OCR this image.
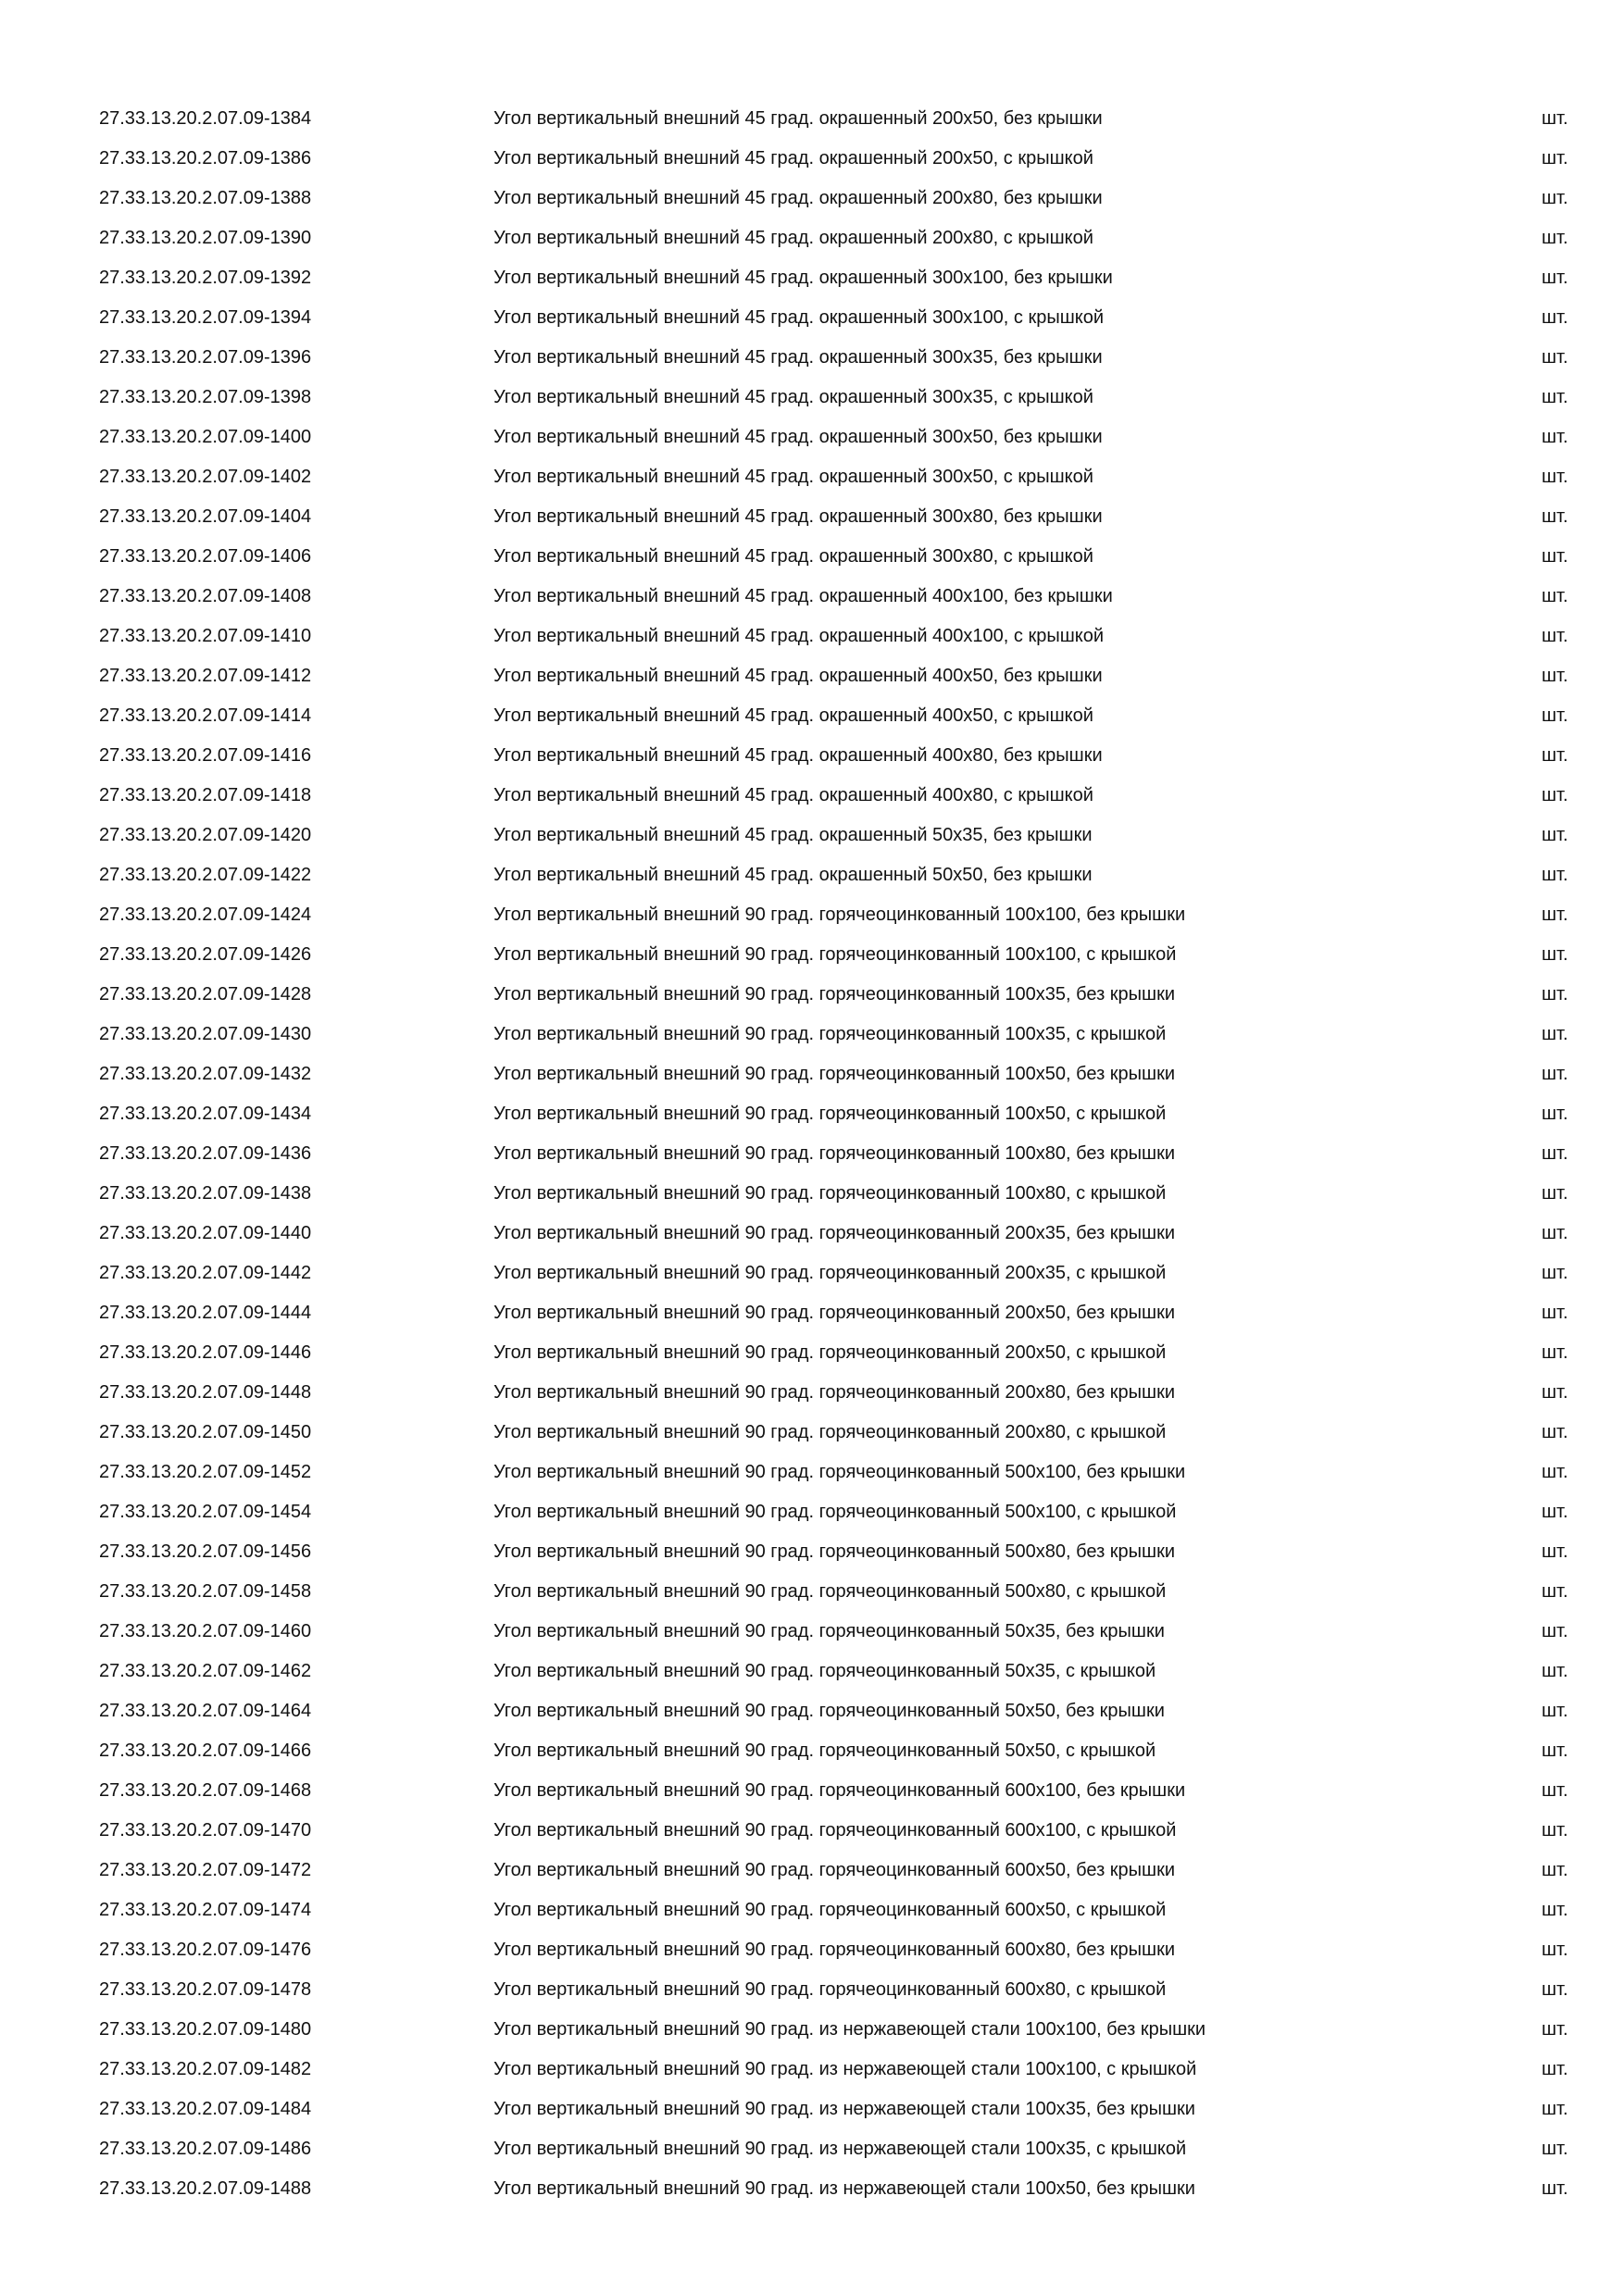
27.33.13.20.2.07.09-1384	Угол вертикальный внешний 45 град. окрашенный 200х50, без крышки	шт.
27.33.13.20.2.07.09-1386	Угол вертикальный внешний 45 град. окрашенный 200х50, с крышкой	шт.
27.33.13.20.2.07.09-1388	Угол вертикальный внешний 45 град. окрашенный 200х80, без крышки	шт.
27.33.13.20.2.07.09-1390	Угол вертикальный внешний 45 град. окрашенный 200х80, с крышкой	шт.
27.33.13.20.2.07.09-1392	Угол вертикальный внешний 45 град. окрашенный 300х100, без крышки	шт.
27.33.13.20.2.07.09-1394	Угол вертикальный внешний 45 град. окрашенный 300х100, с крышкой	шт.
27.33.13.20.2.07.09-1396	Угол вертикальный внешний 45 град. окрашенный 300х35, без крышки	шт.
27.33.13.20.2.07.09-1398	Угол вертикальный внешний 45 град. окрашенный 300х35, с крышкой	шт.
27.33.13.20.2.07.09-1400	Угол вертикальный внешний 45 град. окрашенный 300х50, без крышки	шт.
27.33.13.20.2.07.09-1402	Угол вертикальный внешний 45 град. окрашенный 300х50, с крышкой	шт.
27.33.13.20.2.07.09-1404	Угол вертикальный внешний 45 град. окрашенный 300х80, без крышки	шт.
27.33.13.20.2.07.09-1406	Угол вертикальный внешний 45 град. окрашенный 300х80, с крышкой	шт.
27.33.13.20.2.07.09-1408	Угол вертикальный внешний 45 град. окрашенный 400х100, без крышки	шт.
27.33.13.20.2.07.09-1410	Угол вертикальный внешний 45 град. окрашенный 400х100, с крышкой	шт.
27.33.13.20.2.07.09-1412	Угол вертикальный внешний 45 град. окрашенный 400х50, без крышки	шт.
27.33.13.20.2.07.09-1414	Угол вертикальный внешний 45 град. окрашенный 400х50, с крышкой	шт.
27.33.13.20.2.07.09-1416	Угол вертикальный внешний 45 град. окрашенный 400х80, без крышки	шт.
27.33.13.20.2.07.09-1418	Угол вертикальный внешний 45 град. окрашенный 400х80, с крышкой	шт.
27.33.13.20.2.07.09-1420	Угол вертикальный внешний 45 град. окрашенный 50х35, без крышки	шт.
27.33.13.20.2.07.09-1422	Угол вертикальный внешний 45 град. окрашенный 50х50, без крышки	шт.
27.33.13.20.2.07.09-1424	Угол вертикальный внешний 90 град. горячеоцинкованный 100х100, без крышки	шт.
27.33.13.20.2.07.09-1426	Угол вертикальный внешний 90 град. горячеоцинкованный 100х100, с крышкой	шт.
27.33.13.20.2.07.09-1428	Угол вертикальный внешний 90 град. горячеоцинкованный 100х35, без крышки	шт.
27.33.13.20.2.07.09-1430	Угол вертикальный внешний 90 град. горячеоцинкованный 100х35, с крышкой	шт.
27.33.13.20.2.07.09-1432	Угол вертикальный внешний 90 град. горячеоцинкованный 100х50, без крышки	шт.
27.33.13.20.2.07.09-1434	Угол вертикальный внешний 90 град. горячеоцинкованный 100х50, с крышкой	шт.
27.33.13.20.2.07.09-1436	Угол вертикальный внешний 90 град. горячеоцинкованный 100х80, без крышки	шт.
27.33.13.20.2.07.09-1438	Угол вертикальный внешний 90 град. горячеоцинкованный 100х80, с крышкой	шт.
27.33.13.20.2.07.09-1440	Угол вертикальный внешний 90 град. горячеоцинкованный 200х35, без крышки	шт.
27.33.13.20.2.07.09-1442	Угол вертикальный внешний 90 град. горячеоцинкованный 200х35, с крышкой	шт.
27.33.13.20.2.07.09-1444	Угол вертикальный внешний 90 град. горячеоцинкованный 200х50, без крышки	шт.
27.33.13.20.2.07.09-1446	Угол вертикальный внешний 90 град. горячеоцинкованный 200х50, с крышкой	шт.
27.33.13.20.2.07.09-1448	Угол вертикальный внешний 90 град. горячеоцинкованный 200х80, без крышки	шт.
27.33.13.20.2.07.09-1450	Угол вертикальный внешний 90 град. горячеоцинкованный 200х80, с крышкой	шт.
27.33.13.20.2.07.09-1452	Угол вертикальный внешний 90 град. горячеоцинкованный 500х100, без крышки	шт.
27.33.13.20.2.07.09-1454	Угол вертикальный внешний 90 град. горячеоцинкованный 500х100, с крышкой	шт.
27.33.13.20.2.07.09-1456	Угол вертикальный внешний 90 град. горячеоцинкованный 500х80, без крышки	шт.
27.33.13.20.2.07.09-1458	Угол вертикальный внешний 90 град. горячеоцинкованный 500х80, с крышкой	шт.
27.33.13.20.2.07.09-1460	Угол вертикальный внешний 90 град. горячеоцинкованный 50х35, без крышки	шт.
27.33.13.20.2.07.09-1462	Угол вертикальный внешний 90 град. горячеоцинкованный 50х35, с крышкой	шт.
27.33.13.20.2.07.09-1464	Угол вертикальный внешний 90 град. горячеоцинкованный 50х50, без крышки	шт.
27.33.13.20.2.07.09-1466	Угол вертикальный внешний 90 град. горячеоцинкованный 50х50, с крышкой	шт.
27.33.13.20.2.07.09-1468	Угол вертикальный внешний 90 град. горячеоцинкованный 600х100, без крышки	шт.
27.33.13.20.2.07.09-1470	Угол вертикальный внешний 90 град. горячеоцинкованный 600х100, с крышкой	шт.
27.33.13.20.2.07.09-1472	Угол вертикальный внешний 90 град. горячеоцинкованный 600х50, без крышки	шт.
27.33.13.20.2.07.09-1474	Угол вертикальный внешний 90 град. горячеоцинкованный 600х50, с крышкой	шт.
27.33.13.20.2.07.09-1476	Угол вертикальный внешний 90 град. горячеоцинкованный 600х80, без крышки	шт.
27.33.13.20.2.07.09-1478	Угол вертикальный внешний 90 град. горячеоцинкованный 600х80, с крышкой	шт.
27.33.13.20.2.07.09-1480	Угол вертикальный внешний 90 град. из нержавеющей стали 100х100, без крышки	шт.
27.33.13.20.2.07.09-1482	Угол вертикальный внешний 90 град. из нержавеющей стали 100х100, с крышкой	шт.
27.33.13.20.2.07.09-1484	Угол вертикальный внешний 90 град. из нержавеющей стали 100х35, без крышки	шт.
27.33.13.20.2.07.09-1486	Угол вертикальный внешний 90 град. из нержавеющей стали 100х35, с крышкой	шт.
27.33.13.20.2.07.09-1488	Угол вертикальный внешний 90 град. из нержавеющей стали 100х50, без крышки	шт.
